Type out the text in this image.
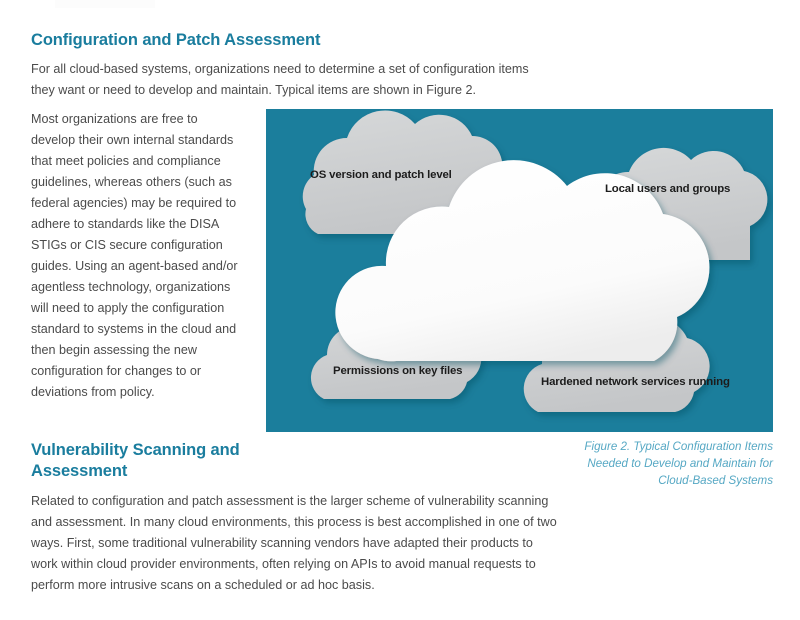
Configuration and Patch Assessment

For all cloud-based systems, organizations need to determine a set of configuration items they want or need to develop and maintain. Typical items are shown in Figure 2.

Most organizations are free to develop their own internal standards that meet policies and compliance guidelines, whereas others (such as federal agencies) may be required to adhere to standards like the DISA STIGs or CIS secure configuration guides. Using an agent-based and/or agentless technology, organizations will need to apply the configuration standard to systems in the cloud and then begin assessing the new configuration for changes to or deviations from policy.

OS version and patch level
Local users and groups
Permissions on key files
Hardened network services running
Figure 2. Typical Configuration Items
Needed to Develop and Maintain for
Cloud-Based Systems
Vulnerability Scanning and Assessment

Related to configuration and patch assessment is the larger scheme of vulnerability scanning and assessment. In many cloud environments, this process is best accomplished in one of two ways. First, some traditional vulnerability scanning vendors have adapted their products to work within cloud provider environments, often relying on APIs to avoid manual requests to perform more intrusive scans on a scheduled or ad hoc basis.
